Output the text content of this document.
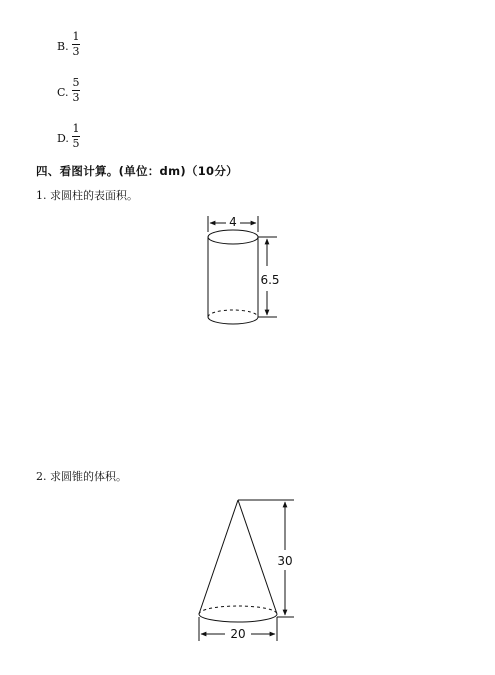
B.
1
3
C.
5
3
D.
1
5
四、看图计算。(单位：dm)（10分）
1. 求圆柱的表面积。
2. 求圆锥的体积。
4
6.5
30
20
